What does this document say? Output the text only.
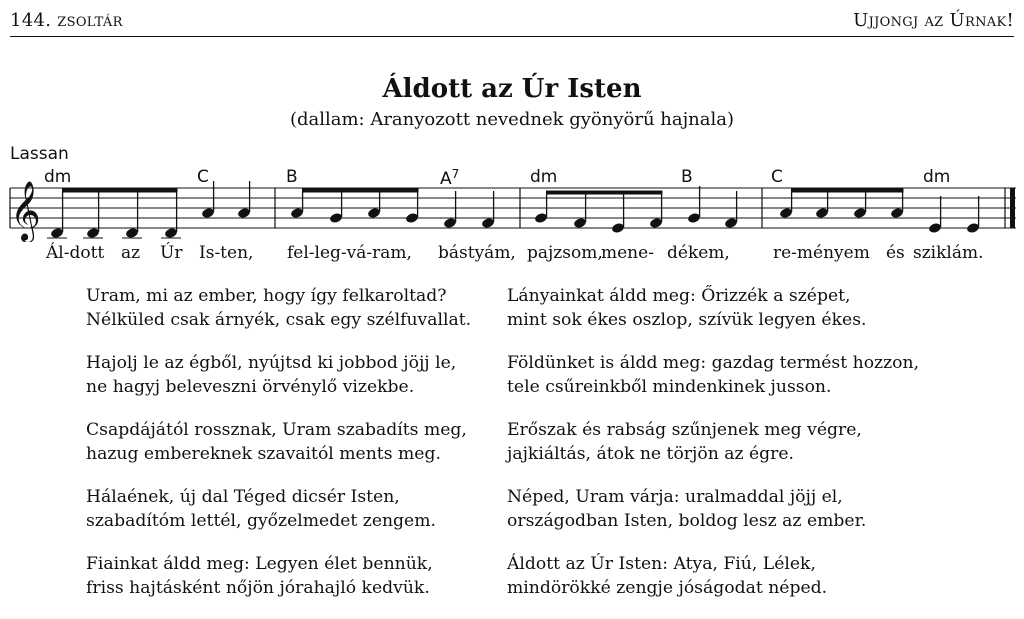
144. zsoltár	Ujjongj az Úrnak!
Áldott az Úr Isten
(dallam: Aranyozott nevednek gyönyörű hajnala)
Lassan
dm	C	B	$A^7$	dm	B	C	dm
𝄞
Ál-dott az Úr Is-ten, fel-leg-vá-ram, bástyám, pajzsom,
mene- dékem,	re-ményem és sziklám.
Uram, mi az ember, hogy így felkaroltad?
Nélküled csak árnyék, csak egy szélfuvallat.
Hajolj le az égből, nyújtsd ki jobbod jöjj le,
ne hagyj beleveszni örvénylő vizekbe.
Csapdájától rossznak, Uram szabadíts meg,
hazug embereknek szavaitól ments meg.
Hálaének, új dal Téged dicsér Isten,
szabadítóm lettél, győzelmedet zengem.
Fiainkat áldd meg: Legyen élet bennük,
friss hajtásként nőjön jórahajló kedvük.
Lányainkat áldd meg: Őrizzék a szépet,
mint sok ékes oszlop, szívük legyen ékes.
Földünket is áldd meg: gazdag termést hozzon,
tele csűreinkből mindenkinek jusson.
Erőszak és rabság szűnjenek meg végre,
jajkiáltás, átok ne törjön az égre.
Néped, Uram várja: uralmaddal jöjj el,
országodban Isten, boldog lesz az ember.
Áldott az Úr Isten: Atya, Fiú, Lélek,
mindörökké zengje jóságodat néped.
